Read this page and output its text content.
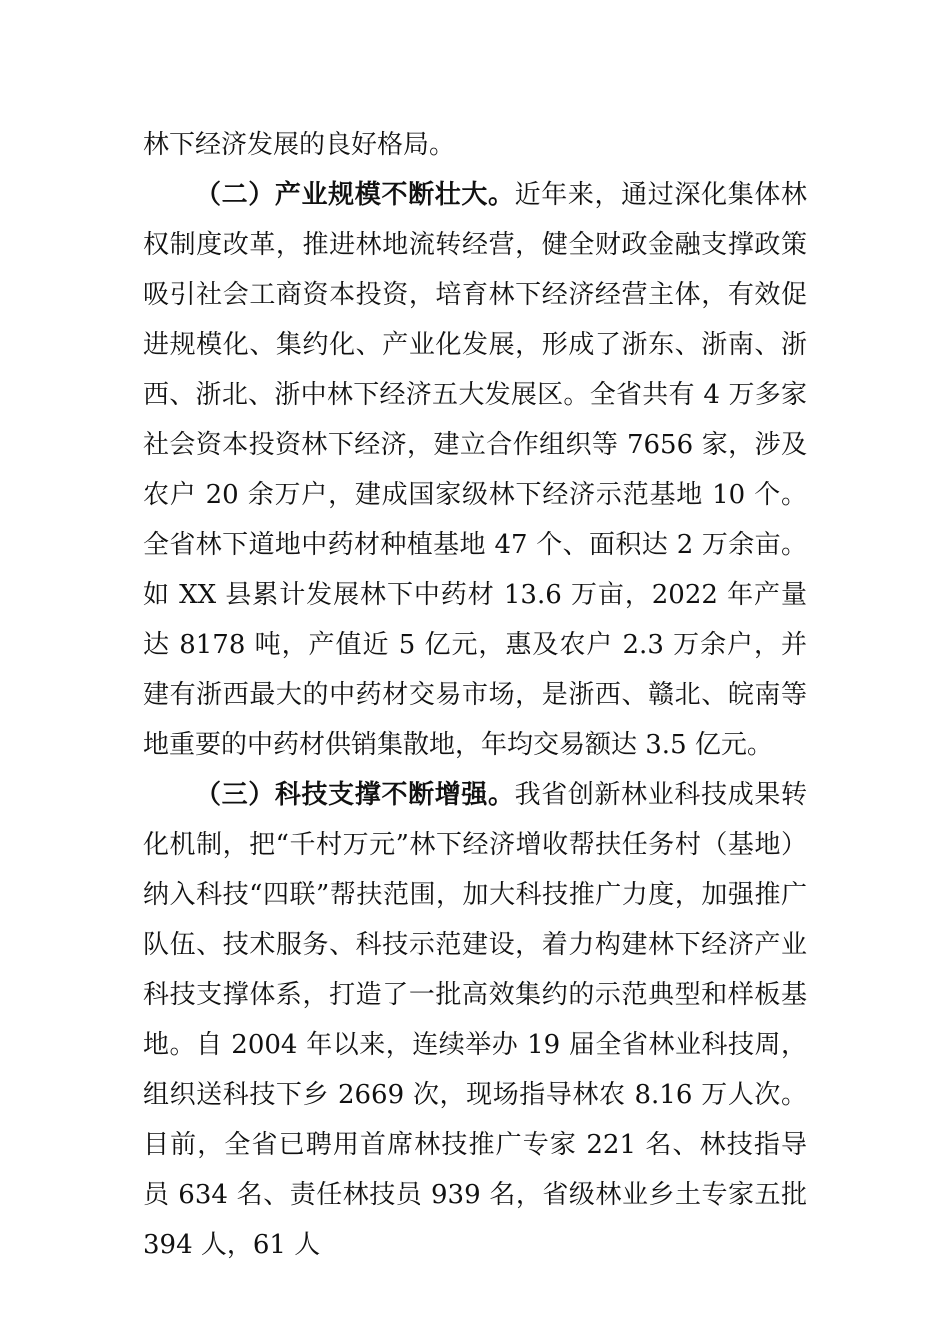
林下经济发展的良好格局。

（二）产业规模不断壮大。近年来，通过深化集体林权制度改革，推进林地流转经营，健全财政金融支撑政策吸引社会工商资本投资，培育林下经济经营主体，有效促进规模化、集约化、产业化发展，形成了浙东、浙南、浙西、浙北、浙中林下经济五大发展区。全省共有 4 万多家社会资本投资林下经济，建立合作组织等 7656 家，涉及农户 20 余万户，建成国家级林下经济示范基地 10 个。全省林下道地中药材种植基地 47 个、面积达 2 万余亩。如 XX 县累计发展林下中药材 13.6 万亩，2022 年产量达 8178 吨，产值近 5 亿元，惠及农户 2.3 万余户，并建有浙西最大的中药材交易市场，是浙西、赣北、皖南等地重要的中药材供销集散地，年均交易额达 3.5 亿元。

（三）科技支撑不断增强。我省创新林业科技成果转化机制，把“千村万元”林下经济增收帮扶任务村（基地）纳入科技“四联”帮扶范围，加大科技推广力度，加强推广队伍、技术服务、科技示范建设，着力构建林下经济产业科技支撑体系，打造了一批高效集约的示范典型和样板基地。自 2004 年以来，连续举办 19 届全省林业科技周，组织送科技下乡 2669 次，现场指导林农 8.16 万人次。目前，全省已聘用首席林技推广专家 221 名、林技指导员 634 名、责任林技员 939 名，省级林业乡土专家五批 394 人，61 人
